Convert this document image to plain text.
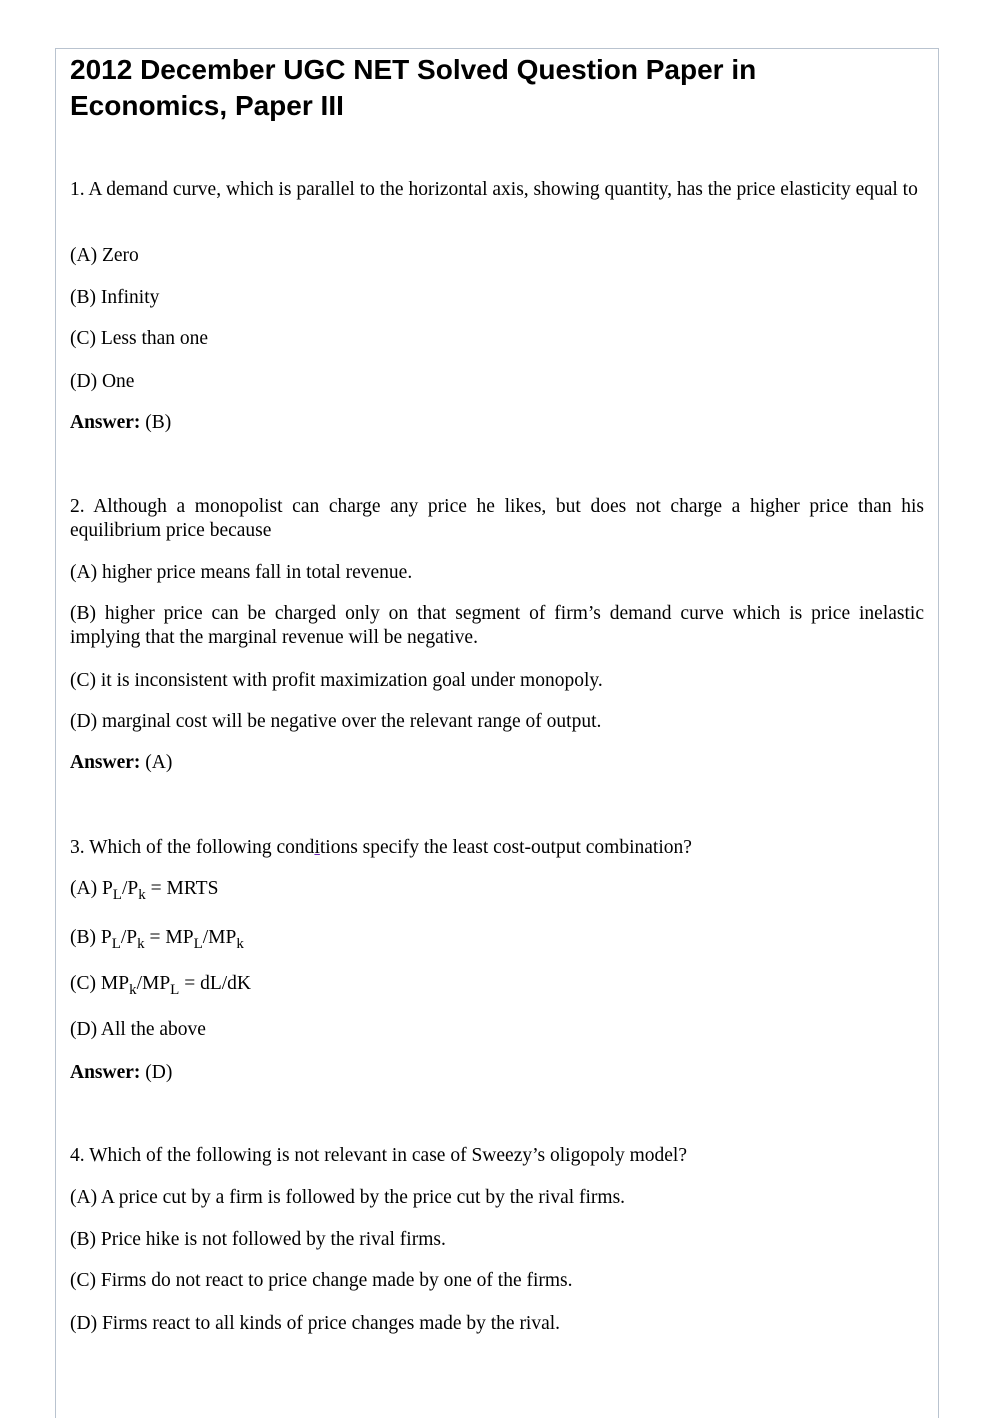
2012 December UGC NET Solved Question Paper in Economics, Paper III
1. A demand curve, which is parallel to the horizontal axis, showing quantity, has the price elasticity equal to
(A) Zero
(B) Infinity
(C) Less than one
(D) One
Answer: (B)
2. Although a monopolist can charge any price he likes, but does not charge a higher price than his equilibrium price because
(A) higher price means fall in total revenue.
(B) higher price can be charged only on that segment of firm’s demand curve which is price inelastic implying that the marginal revenue will be negative.
(C) it is inconsistent with profit maximization goal under monopoly.
(D) marginal cost will be negative over the relevant range of output.
Answer: (A)
3. Which of the following conditions specify the least cost-output combination?
(A) $P_L/P_k$ = MRTS
(B) $P_L/P_k = MP_L/MP_k$
(C) $MP_k/MP_L = dL/dK$
(D) All the above
Answer: (D)
4. Which of the following is not relevant in case of Sweezy’s oligopoly model?
(A) A price cut by a firm is followed by the price cut by the rival firms.
(B) Price hike is not followed by the rival firms.
(C) Firms do not react to price change made by one of the firms.
(D) Firms react to all kinds of price changes made by the rival.
